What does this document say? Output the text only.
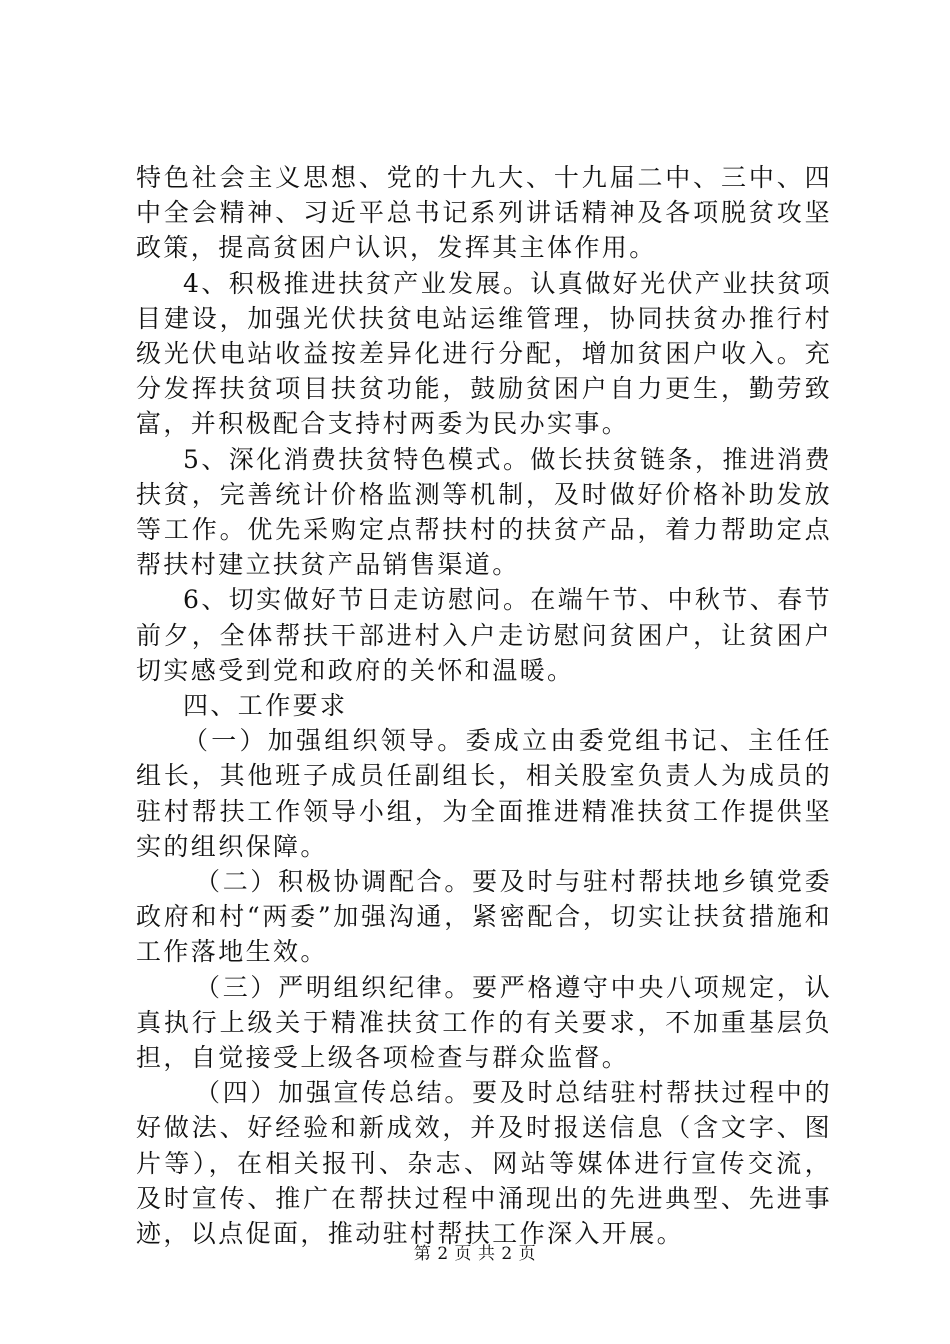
特色社会主义思想、党的十九大、十九届二中、三中、四中全会精神、习近平总书记系列讲话精神及各项脱贫攻坚政策，提高贫困户认识，发挥其主体作用。

4、积极推进扶贫产业发展。认真做好光伏产业扶贫项目建设，加强光伏扶贫电站运维管理，协同扶贫办推行村级光伏电站收益按差异化进行分配，增加贫困户收入。充分发挥扶贫项目扶贫功能，鼓励贫困户自力更生，勤劳致富，并积极配合支持村两委为民办实事。

5、深化消费扶贫特色模式。做长扶贫链条，推进消费扶贫，完善统计价格监测等机制，及时做好价格补助发放等工作。优先采购定点帮扶村的扶贫产品，着力帮助定点帮扶村建立扶贫产品销售渠道。

6、切实做好节日走访慰问。在端午节、中秋节、春节前夕，全体帮扶干部进村入户走访慰问贫困户，让贫困户切实感受到党和政府的关怀和温暖。

四、工作要求

（一）加强组织领导。委成立由委党组书记、主任任组长，其他班子成员任副组长，相关股室负责人为成员的驻村帮扶工作领导小组，为全面推进精准扶贫工作提供坚实的组织保障。

（二）积极协调配合。要及时与驻村帮扶地乡镇党委政府和村“两委”加强沟通，紧密配合，切实让扶贫措施和工作落地生效。

（三）严明组织纪律。要严格遵守中央八项规定，认真执行上级关于精准扶贫工作的有关要求，不加重基层负担，自觉接受上级各项检查与群众监督。

（四）加强宣传总结。要及时总结驻村帮扶过程中的好做法、好经验和新成效，并及时报送信息（含文字、图片等），在相关报刊、杂志、网站等媒体进行宣传交流，及时宣传、推广在帮扶过程中涌现出的先进典型、先进事迹，以点促面，推动驻村帮扶工作深入开展。

第 2 页 共 2 页
